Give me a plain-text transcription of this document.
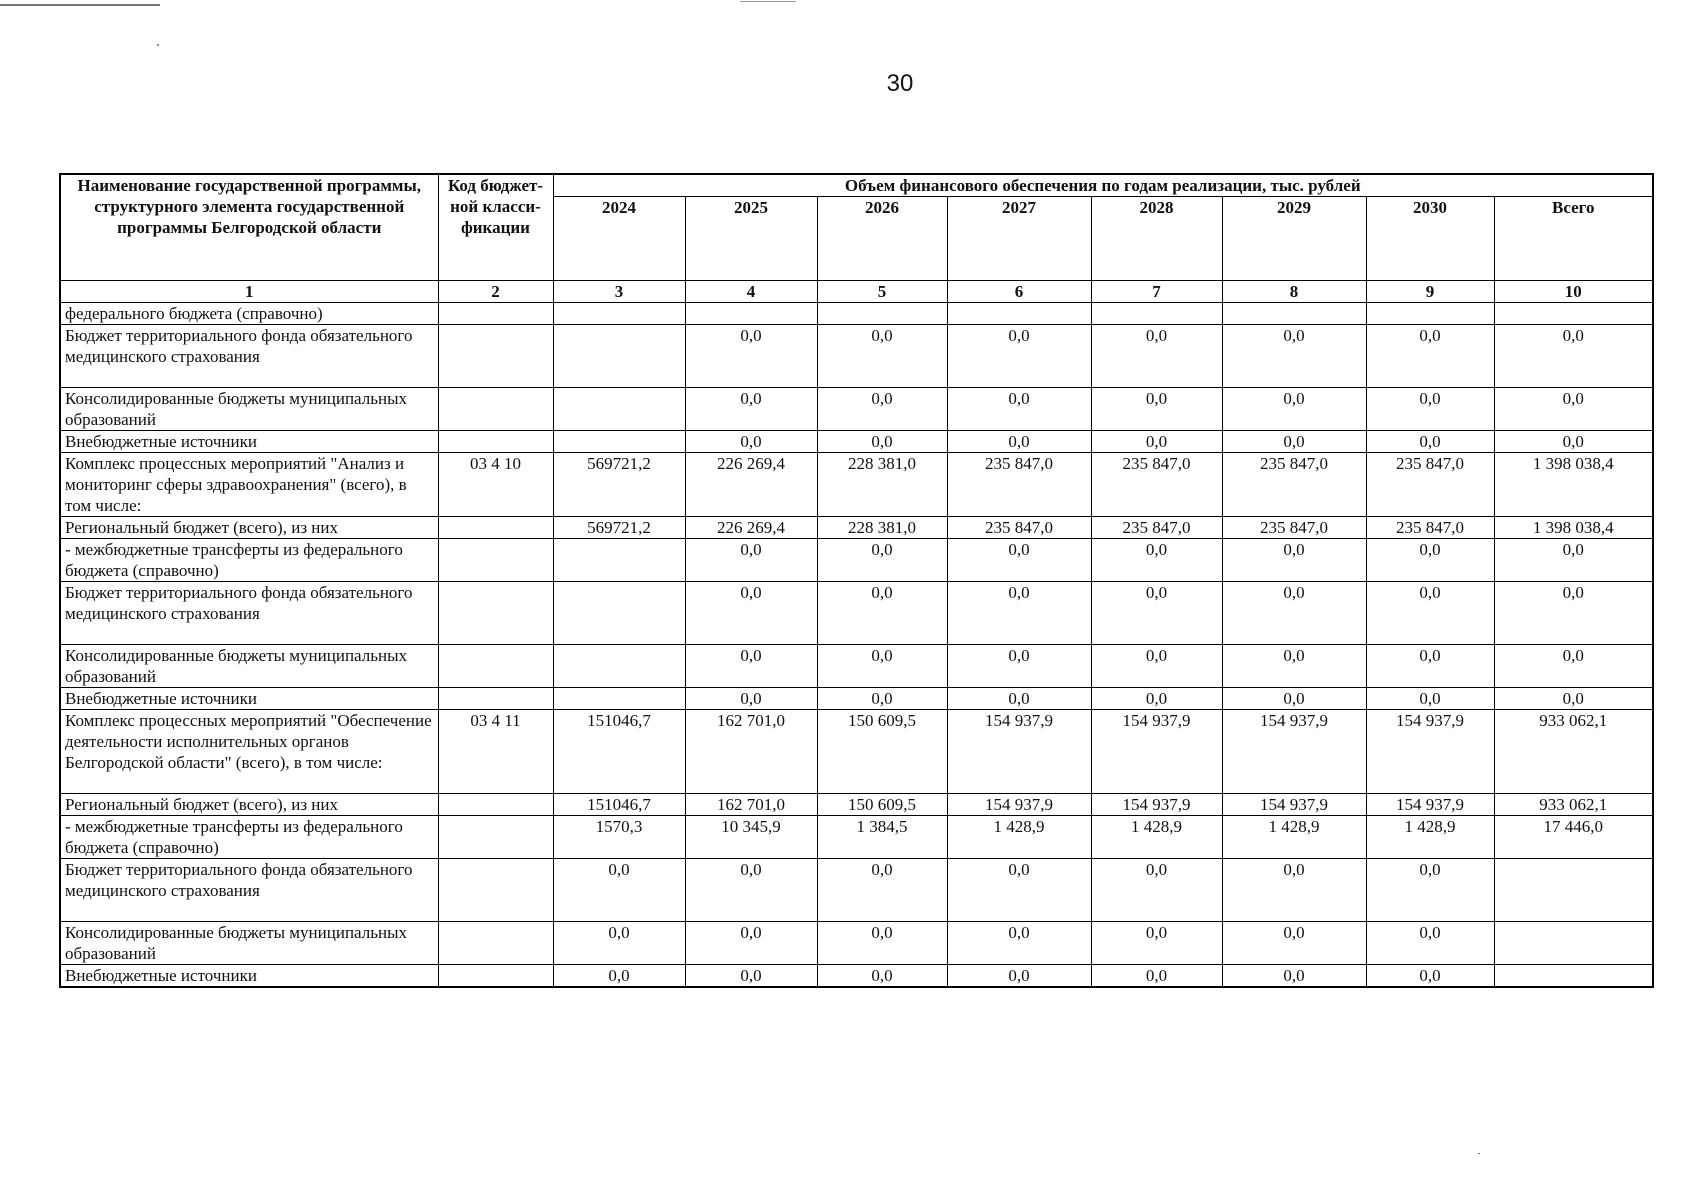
30
Наименование государственной программы, структурного элемента государственной программы Белгородской области	Код бюджет-ной класси-фикации	Объем финансового обеспечения по годам реализации, тыс. рублей							
		2024	2025	2026	2027	2028	2029	2030	Всего
1	2	3	4	5	6	7	8	9	10
федерального бюджета (справочно)									
Бюджет территориального фонда обязательного медицинского страхования			0,0	0,0	0,0	0,0	0,0	0,0	0,0
Консолидированные бюджеты муниципальных образований			0,0	0,0	0,0	0,0	0,0	0,0	0,0
Внебюджетные источники			0,0	0,0	0,0	0,0	0,0	0,0	0,0
Комплекс процессных мероприятий "Анализ и мониторинг сферы здравоохранения" (всего), в том числе:	03 4 10	569721,2	226 269,4	228 381,0	235 847,0	235 847,0	235 847,0	235 847,0	1 398 038,4
Региональный бюджет (всего), из них		569721,2	226 269,4	228 381,0	235 847,0	235 847,0	235 847,0	235 847,0	1 398 038,4
- межбюджетные трансферты из федерального бюджета (справочно)			0,0	0,0	0,0	0,0	0,0	0,0	0,0
Бюджет территориального фонда обязательного медицинского страхования			0,0	0,0	0,0	0,0	0,0	0,0	0,0
Консолидированные бюджеты муниципальных образований			0,0	0,0	0,0	0,0	0,0	0,0	0,0
Внебюджетные источники			0,0	0,0	0,0	0,0	0,0	0,0	0,0
Комплекс процессных мероприятий "Обеспечение деятельности исполнительных органов Белгородской области" (всего), в том числе:	03 4 11	151046,7	162 701,0	150 609,5	154 937,9	154 937,9	154 937,9	154 937,9	933 062,1
Региональный бюджет (всего), из них		151046,7	162 701,0	150 609,5	154 937,9	154 937,9	154 937,9	154 937,9	933 062,1
- межбюджетные трансферты из федерального бюджета (справочно)		1570,3	10 345,9	1 384,5	1 428,9	1 428,9	1 428,9	1 428,9	17 446,0
Бюджет территориального фонда обязательного медицинского страхования		0,0	0,0	0,0	0,0	0,0	0,0	0,0	
Консолидированные бюджеты муниципальных образований		0,0	0,0	0,0	0,0	0,0	0,0	0,0	
Внебюджетные источники		0,0	0,0	0,0	0,0	0,0	0,0	0,0	
